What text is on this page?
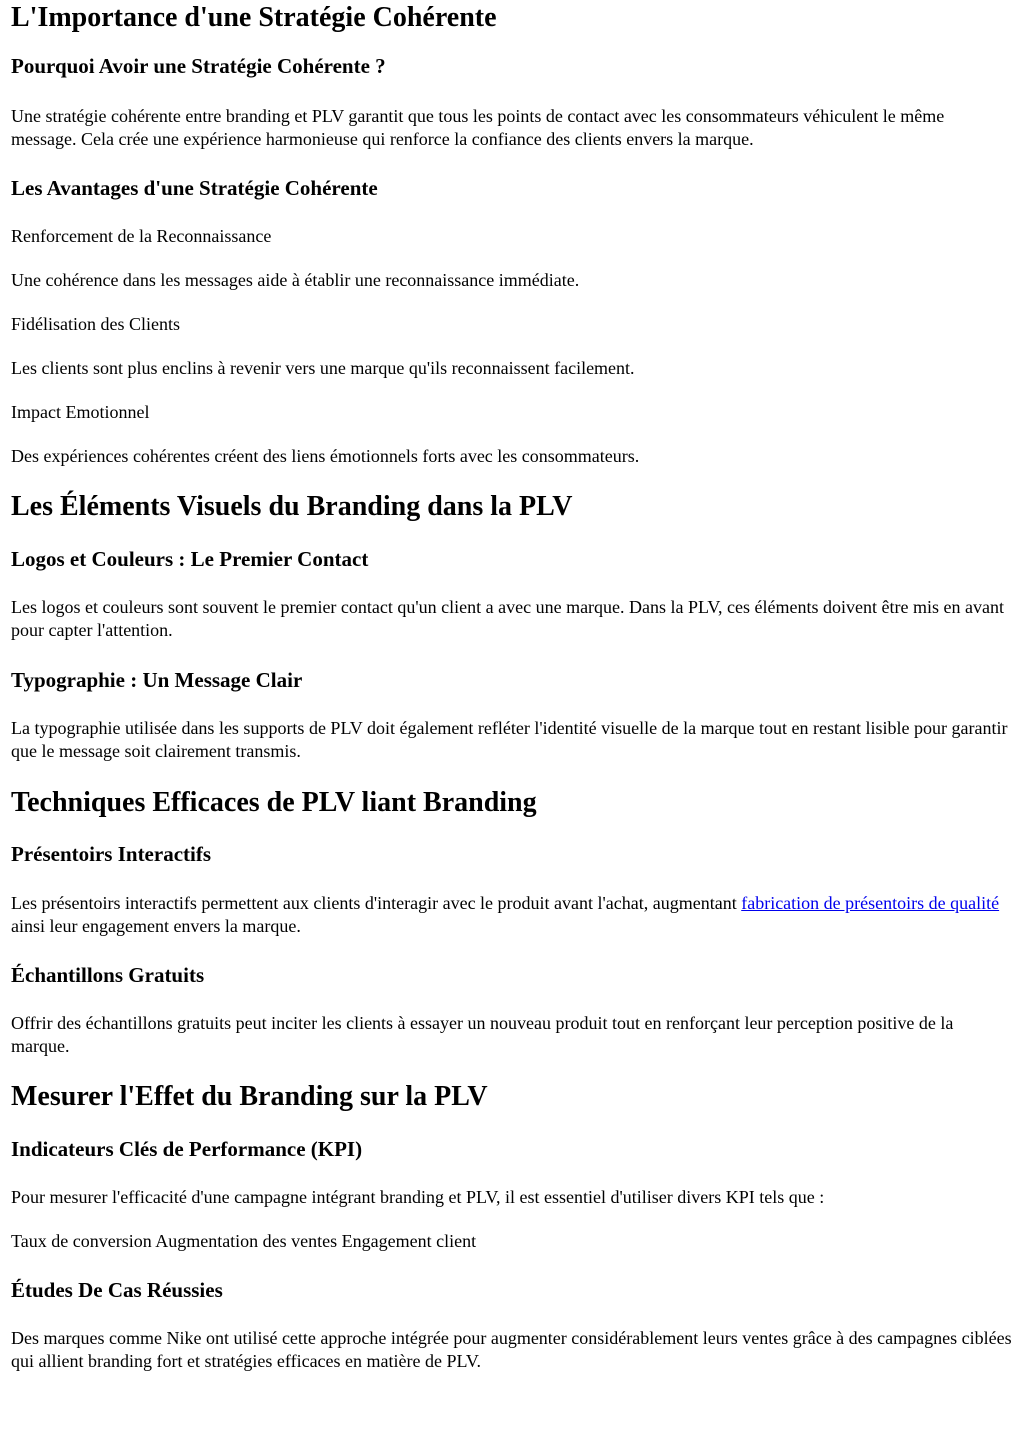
L'Importance d'une Stratégie Cohérente
Pourquoi Avoir une Stratégie Cohérente ?

Une stratégie cohérente entre branding et PLV garantit que tous les points de contact avec les consommateurs véhiculent le même message. Cela crée une expérience harmonieuse qui renforce la confiance des clients envers la marque.

Les Avantages d'une Stratégie Cohérente

Renforcement de la Reconnaissance

Une cohérence dans les messages aide à établir une reconnaissance immédiate.

Fidélisation des Clients

Les clients sont plus enclins à revenir vers une marque qu'ils reconnaissent facilement.

Impact Emotionnel

Des expériences cohérentes créent des liens émotionnels forts avec les consommateurs.

Les Éléments Visuels du Branding dans la PLV
Logos et Couleurs : Le Premier Contact

Les logos et couleurs sont souvent le premier contact qu'un client a avec une marque. Dans la PLV, ces éléments doivent être mis en avant pour capter l'attention.

Typographie : Un Message Clair

La typographie utilisée dans les supports de PLV doit également refléter l'identité visuelle de la marque tout en restant lisible pour garantir que le message soit clairement transmis.

Techniques Efficaces de PLV liant Branding
Présentoirs Interactifs

Les présentoirs interactifs permettent aux clients d'interagir avec le produit avant l'achat, augmentant fabrication de présentoirs de qualité ainsi leur engagement envers la marque.

Échantillons Gratuits

Offrir des échantillons gratuits peut inciter les clients à essayer un nouveau produit tout en renforçant leur perception positive de la marque.

Mesurer l'Effet du Branding sur la PLV
Indicateurs Clés de Performance (KPI)

Pour mesurer l'efficacité d'une campagne intégrant branding et PLV, il est essentiel d'utiliser divers KPI tels que :

Taux de conversion Augmentation des ventes Engagement client

Études De Cas Réussies

Des marques comme Nike ont utilisé cette approche intégrée pour augmenter considérablement leurs ventes grâce à des campagnes ciblées qui allient branding fort et stratégies efficaces en matière de PLV.
